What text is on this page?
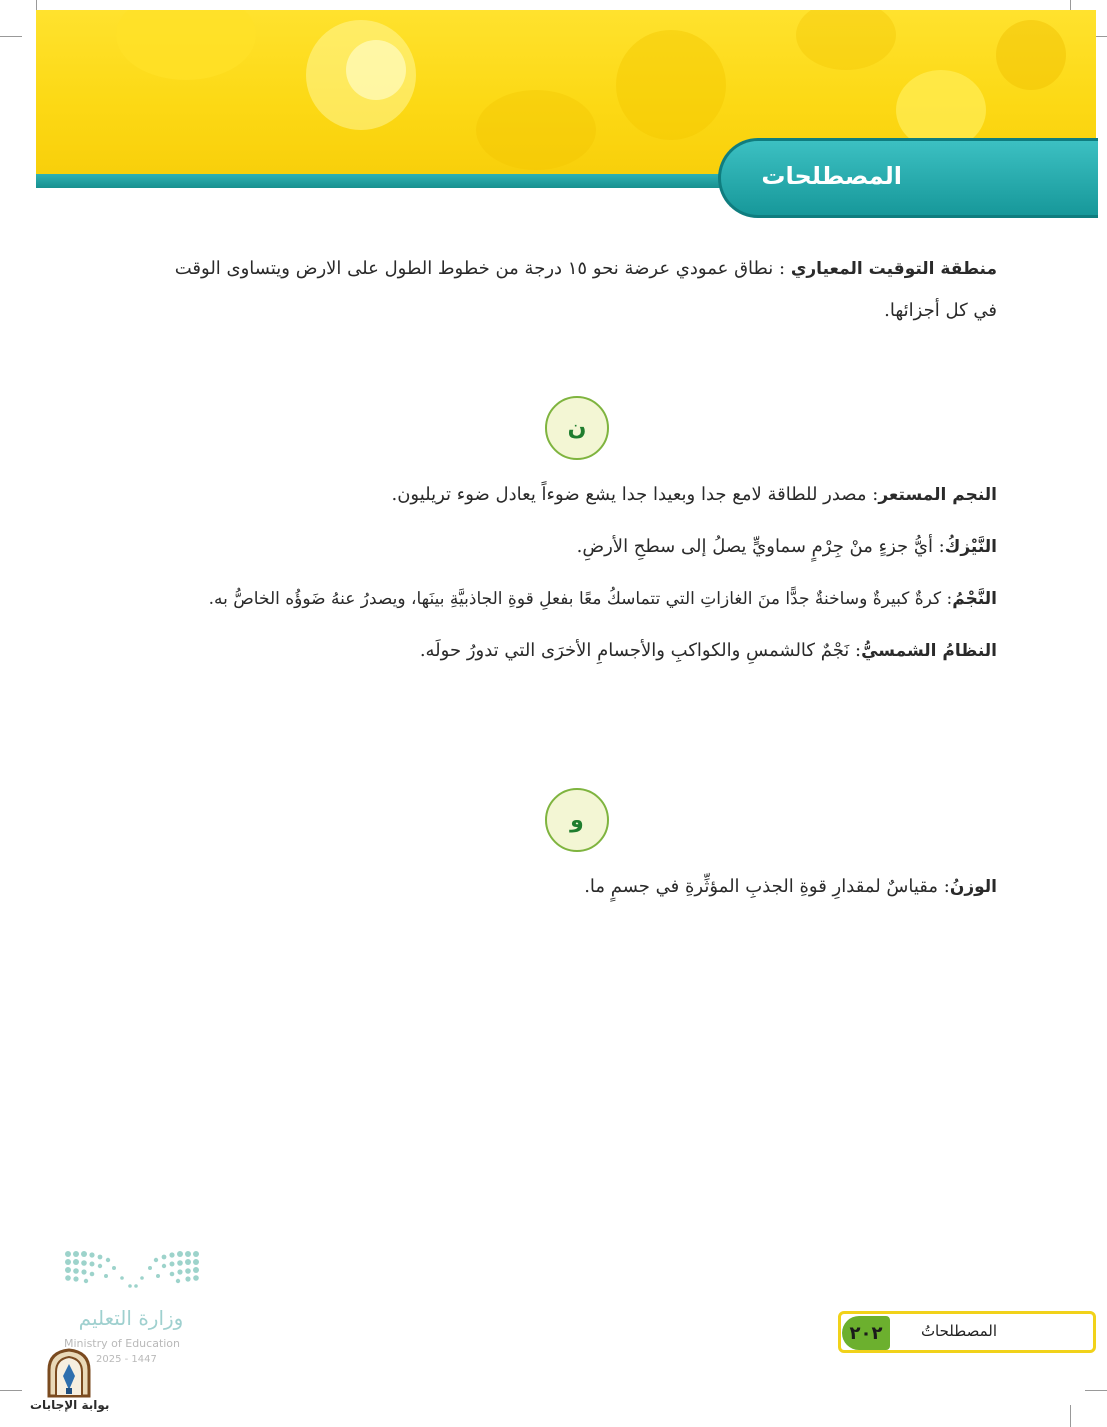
المصطلحات
منطقة التوقيت المعياري : نطاق عمودي عرضة نحو ١٥ درجة من خطوط الطول على الارض ويتساوى الوقت
في كل أجزائها.
ن
النجم المستعر: مصدر للطاقة لامع جدا وبعيدا جدا يشع ضوءاً يعادل ضوء تريليون.
النَّيْزكُ: أيُّ جزءٍ منْ جِرْمٍ سماويٍّ يصلُ إلى سطحِ الأرضِ.
النَّجْمُ: كرةٌ كبيرةٌ وساخنةٌ جدًّا منَ الغازاتِ التي تتماسكُ معًا بفعلِ قوةِ الجاذبيَّةِ بينَها، ويصدرُ عنهُ ضَوؤُه الخاصُّ به.
النظامُ الشمسيُّ: نَجْمٌ كالشمسِ والكواكبِ والأجسامِ الأخرَى التي تدورُ حولَه.
و
الوزنُ: مقياسٌ لمقدارِ قوةِ الجذبِ المؤثِّرةِ في جسمٍ ما.
وزارة التعليم
Ministry of Education
2025 - 1447
بوابة الإجابات
٢٠٢	المصطلحاتُ
